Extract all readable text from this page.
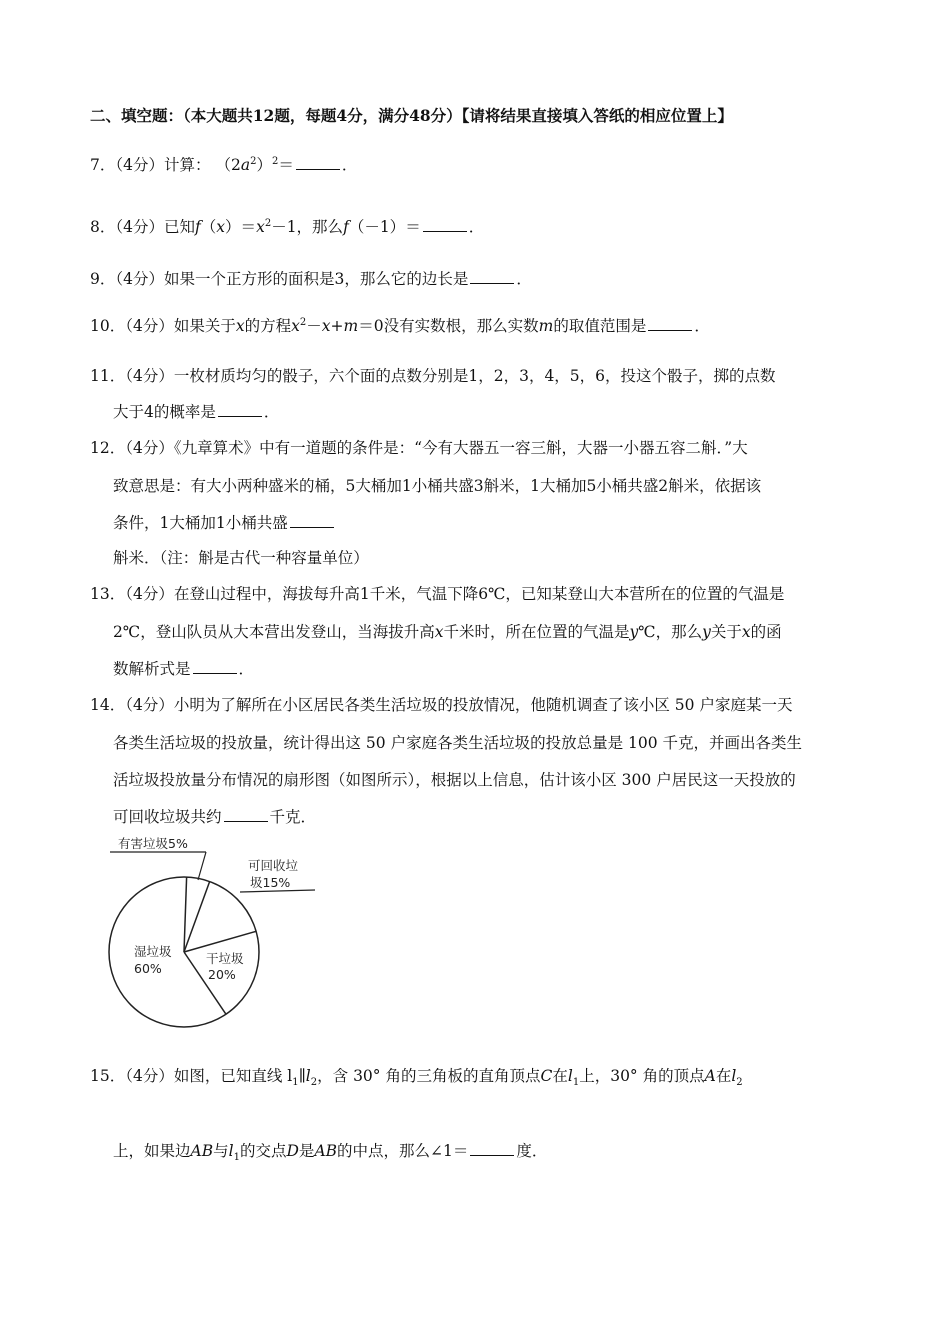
二、填空题：（本大题共12题，每题4分，满分48分）【请将结果直接填入答纸的相应位置上】
7．（4分）计算： $(2a^2)^2=$	．
8．（4分）已知$f(x)=x^2-1$，那么f（－1）＝	．
9．（4分）如果一个正方形的面积是3，那么它的边长是	．
10．（4分）如果关于x的方程$x^2-x+m=0$没有实数根，那么实数m的取值范围是	．
11．（4分）一枚材质均匀的骰子，六个面的点数分别是1，2，3，4，5，6，投这个骰子，掷的点数
大于4的概率是	．
12．（4分）《九章算术》中有一道题的条件是：“今有大器五一容三斛，大器一小器五容二斛．”大
致意思是：有大小两种盛米的桶，5大桶加1小桶共盛3斛米，1大桶加5小桶共盛2斛米，依据该
条件，1大桶加1小桶共盛
斛米．（注：斛是古代一种容量单位）
13．（4分）在登山过程中，海拔每升高1千米，气温下降6℃，已知某登山大本营所在的位置的气温是
2℃，登山队员从大本营出发登山，当海拔升高x千米时，所在位置的气温是y℃，那么y关于x的函
数解析式是	．
14．（4分）小明为了解所在小区居民各类生活垃圾的投放情况，他随机调查了该小区 50 户家庭某一天
各类生活垃圾的投放量，统计得出这 50 户家庭各类生活垃圾的投放总量是 100 千克，并画出各类生
活垃圾投放量分布情况的扇形图（如图所示），根据以上信息，估计该小区 300 户居民这一天投放的
可回收垃圾共约	千克．
有害垃圾5%
可回收垃
圾15%
湿垃圾
60%
干垃圾
20%
15．（4分）如图，已知直线 $l_1\parallel l_2$，含 30° 角的三角板的直角顶点C在$l_1$上，30° 角的顶点A在$l_2$
上，如果边AB与$l_1$的交点D是AB的中点，那么∠1＝	度．
